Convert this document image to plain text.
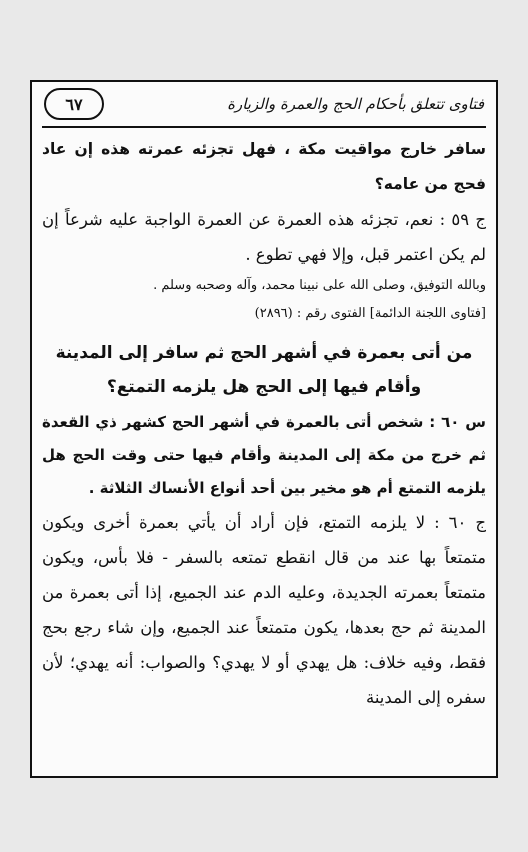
فتاوى تتعلق بأحكام الحج والعمرة والزيارة
٦٧

سافر خارج مواقيت مكة ، فهل تجزئه عمرته هذه إن عاد فحج من عامه؟

ج ٥٩ : نعم، تجزئه هذه العمرة عن العمرة الواجبة عليه شرعاً إن لم يكن اعتمر قبل، وإلا فهي تطوع .

وبالله التوفيق، وصلى الله على نبينا محمد، وآله وصحبه وسلم .

[فتاوى اللجنة الدائمة] الفتوى رقم : (٢٨٩٦)

من أتى بعمرة في أشهر الحج ثم سافر إلى المدينة وأقام فيها إلى الحج هل يلزمه التمتع؟

س ٦٠ : شخص أتى بالعمرة في أشهر الحج كشهر ذي القعدة ثم خرج من مكة إلى المدينة وأقام فيها حتى وقت الحج هل يلزمه التمتع أم هو مخير بين أحد أنواع الأنساك الثلاثة .

ج ٦٠ : لا يلزمه التمتع، فإن أراد أن يأتي بعمرة أخرى ويكون متمتعاً بها عند من قال انقطع تمتعه بالسفر - فلا بأس، ويكون متمتعاً بعمرته الجديدة، وعليه الدم عند الجميع، إذا أتى بعمرة من المدينة ثم حج بعدها، يكون متمتعاً عند الجميع، وإن شاء رجع بحج فقط، وفيه خلاف: هل يهدي أو لا يهدي؟ والصواب: أنه يهدي؛ لأن سفره إلى المدينة
